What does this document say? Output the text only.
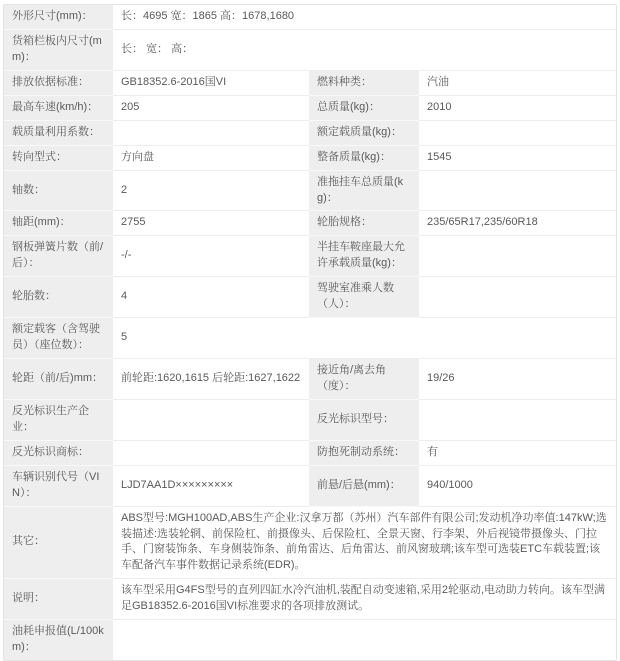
外形尺寸(mm)：	长：4695 宽：1865 高：1678,1680		
货箱栏板内尺寸(mm)：	长： 宽： 高：		
排放依据标准：	GB18352.6-2016国VI	燃料种类：	汽油
最高车速(km/h)：	205	总质量(kg)：	2010
载质量利用系数：		额定载质量(kg)：	
转向型式：	方向盘	整备质量(kg)：	1545
轴数：	2	准拖挂车总质量(kg)：	
轴距(mm)：	2755	轮胎规格：	235/65R17,235/60R18
钢板弹簧片数（前/后）：	-/-	半挂车鞍座最大允许承载质量(kg)：	
轮胎数：	4	驾驶室准乘人数（人）：	
额定载客（含驾驶员）（座位数）：	5		
轮距（前/后)mm：	前轮距:1620,1615 后轮距:1627,1622	接近角/离去角（度）：	19/26
反光标识生产企业：		反光标识型号：	
反光标识商标：		防抱死制动系统：	有
车辆识别代号（VIN）：	LJD7AA1D×××××××××	前悬/后悬(mm)：	940/1000
其它：	ABS型号:MGH100AD,ABS生产企业:汉拿万都（苏州）汽车部件有限公司;发动机净功率值:147kW;选装描述:选装轮辋、前保险杠、前摄像头、后保险杠、全景天窗、行李架、外后视镜带摄像头、门拉手、门窗装饰条、车身侧装饰条、前角雷达、后角雷达、前风窗玻璃;该车型可选装ETC车载装置;该车配备汽车事件数据记录系统(EDR)。		
说明：	该车型采用G4FS型号的直列四缸水冷汽油机,装配自动变速箱,采用2轮驱动,电动助力转向。该车型满足GB18352.6-2016国VI标准要求的各项排放测试。		
油耗申报值(L/100km)：			
